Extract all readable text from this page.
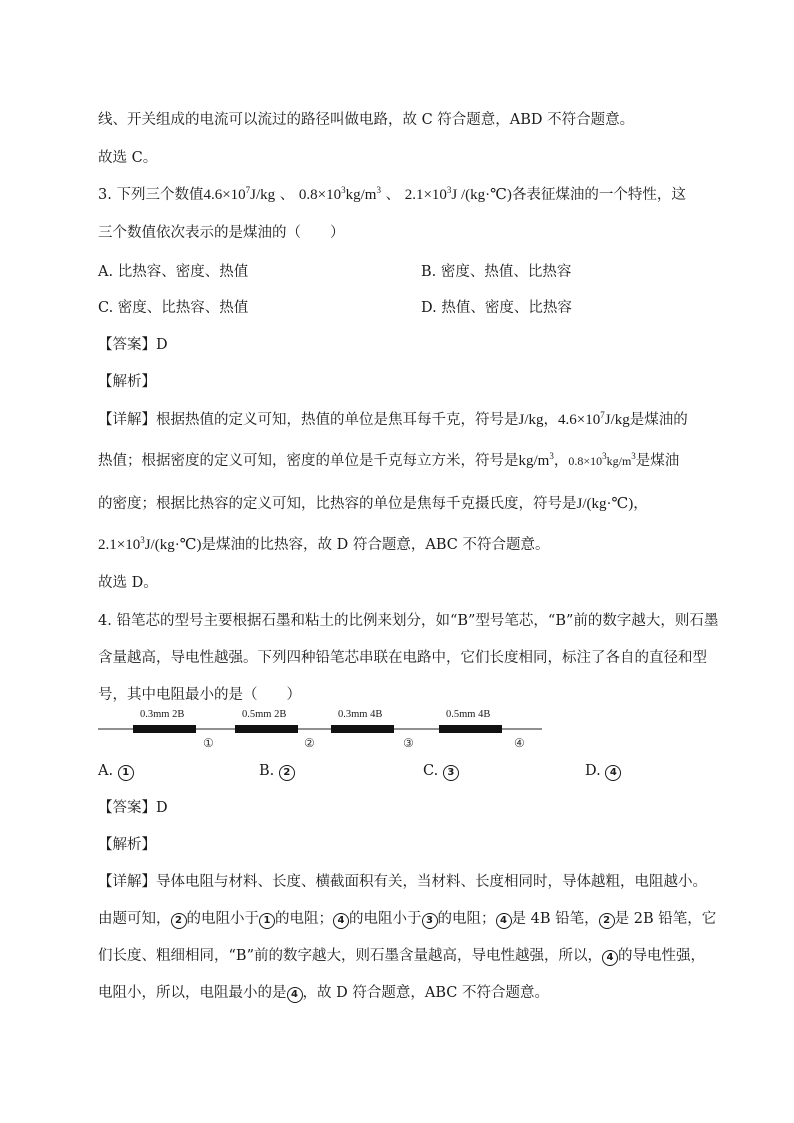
线、开关组成的电流可以流过的路径叫做电路，故 C 符合题意，ABD 不符合题意。
故选 C。
3. 下列三个数值$4.6\times 10^7J/kg$ 、 $0.8\times 10^3kg/m^3$ 、 $2.1\times 10^3J$ /(kg·℃)各表征煤油的一个特性，这
三个数值依次表示的是煤油的（　　）
A. 比热容、密度、热值	B. 密度、热值、比热容
C. 密度、比热容、热值	D. 热值、密度、比热容
【答案】D
【解析】
【详解】根据热值的定义可知，热值的单位是焦耳每千克，符号是J/kg，$4.6\times 10^7J/kg$是煤油的
热值；根据密度的定义可知，密度的单位是千克每立方米，符号是$kg/m^3$，$0.8\times 10^3kg/m^3$是煤油
的密度；根据比热容的定义可知，比热容的单位是焦每千克摄氏度，符号是J/(kg·℃)，
$2.1\times 10^3J/(kg\cdot℃)$是煤油的比热容，故 D 符合题意，ABC 不符合题意。
故选 D。
4. 铅笔芯的型号主要根据石墨和粘土的比例来划分，如“B”型号笔芯，“B”前的数字越大，则石墨
含量越高，导电性越强。下列四种铅笔芯串联在电路中，它们长度相同，标注了各自的直径和型
号，其中电阻最小的是（　　）
0.3mm 2B	0.5mm 2B	0.3mm 4B	0.5mm 4B
①	②	③	④
A. 1	B. 2	C. 3	D. 4
【答案】D
【解析】
【详解】导体电阻与材料、长度、横截面积有关，当材料、长度相同时，导体越粗，电阻越小。
由题可知， 2 的电阻小于 1 的电阻； 4 的电阻小于 3 的电阻； 4 是 4B 铅笔， 2 是 2B 铅笔，它
们长度、粗细相同，“B”前的数字越大，则石墨含量越高，导电性越强，所以， 4 的导电性强，
电阻小，所以，电阻最小的是 4 ，故 D 符合题意，ABC 不符合题意。
